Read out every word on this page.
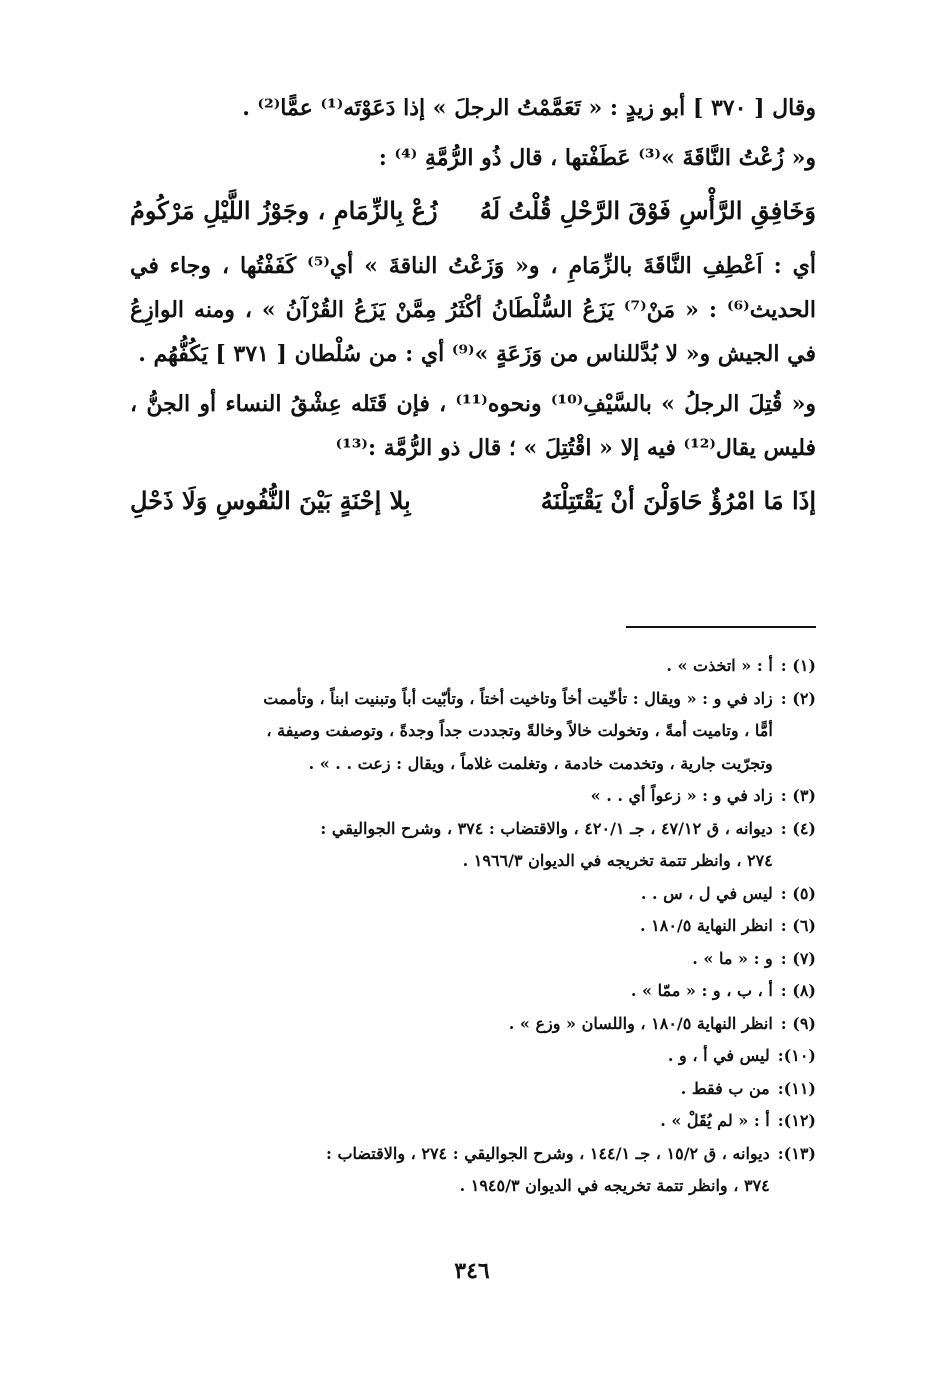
وقال [ ٣٧٠ ] أبو زيدٍ : « تَعَمَّمْتُ الرجلَ » إذا دَعَوْتَه⁽¹⁾ عمًّا⁽²⁾ .

و« زُعْتُ النَّاقَةَ »⁽³⁾ عَطَفْتها ، قال ذُو الرُّمَّةِ ⁽⁴⁾ :

وَخَافِقِ الرَّأْسِ فَوْقَ الرَّحْلِ قُلْتُ لَهُ
زُعْ بِالزِّمَامِ ، وجَوْزُ اللَّيْلِ مَرْكُومُ

أي : اَعْطِفِ النَّاقَةَ بالزِّمَامِ ، و« وَزَعْتُ الناقةَ » أي⁽⁵⁾ كَفَفْتُها ، وجاء في الحديث⁽⁶⁾ : « مَنْ⁽⁷⁾ يَزَعُ السُّلْطَانُ أكْثَرُ مِمَّنْ يَزَعُ القُرْآنُ » ، ومنه الوازِعُ في الجيش و« لا بُدَّللناس من وَزَعَةٍ »⁽⁹⁾ أي : من سُلْطان [ ٣٧١ ] يَكُفُّهُم .

و« قُتِلَ الرجلُ » بالسَّيْفِ⁽¹⁰⁾ ونحوه⁽¹¹⁾ ، فإن قَتَله عِشْقُ النساء أو الجنُّ ، فليس يقال⁽¹²⁾ فيه إلا « اقْتُتِلَ » ؛ قال ذو الرُّمَّة :⁽¹³⁾

إذَا مَا امْرُؤٌ حَاوَلْنَ أنْ يَقْتَتِلْنَهُ
بِلا إحْنَةٍ بَيْنَ النُّفُوسِ وَلَا ذَحْلِ
(١) :
أ : « اتخذت » .
(٢) :
زاد في و : « ويقال : تأخّيت أخاً وتاخيت أختاً ، وتأبّيت أباً وتبنيت ابناً ، وتأممت
أمًّا ، وتاميت أمةً ، وتخولت خالاً وخالةً وتجددت جداً وجدةً ، وتوصفت وصيفة ،
وتجرّيت جارية ، وتخدمت خادمة ، وتغلمت غلاماً ، ويقال : زعت . . » .
(٣) :
زاد في و : « زعواً أي . . »
(٤) :
ديوانه ، ق ٤٧/١٢ ، جـ ٤٢٠/١ ، والاقتضاب : ٣٧٤ ، وشرح الجواليقي :
٢٧٤ ، وانظر تتمة تخريجه في الديوان ١٩٦٦/٣ .
(٥) :
ليس في ل ، س . .
(٦) :
انظر النهاية ١٨٠/٥ .
(٧) :
و : « ما » .
(٨) :
أ ، ب ، و : « ممّا » .
(٩) :
انظر النهاية ١٨٠/٥ ، واللسان « وزع » .
(١٠):
ليس في أ ، و .
(١١):
من ب فقط .
(١٢):
أ : « لم يُقَلْ » .
(١٣):
ديوانه ، ق ١٥/٢ ، جـ ١٤٤/١ ، وشرح الجواليقي : ٢٧٤ ، والاقتضاب :
٣٧٤ ، وانظر تتمة تخريجه في الديوان ١٩٤٥/٣ .
٣٤٦
